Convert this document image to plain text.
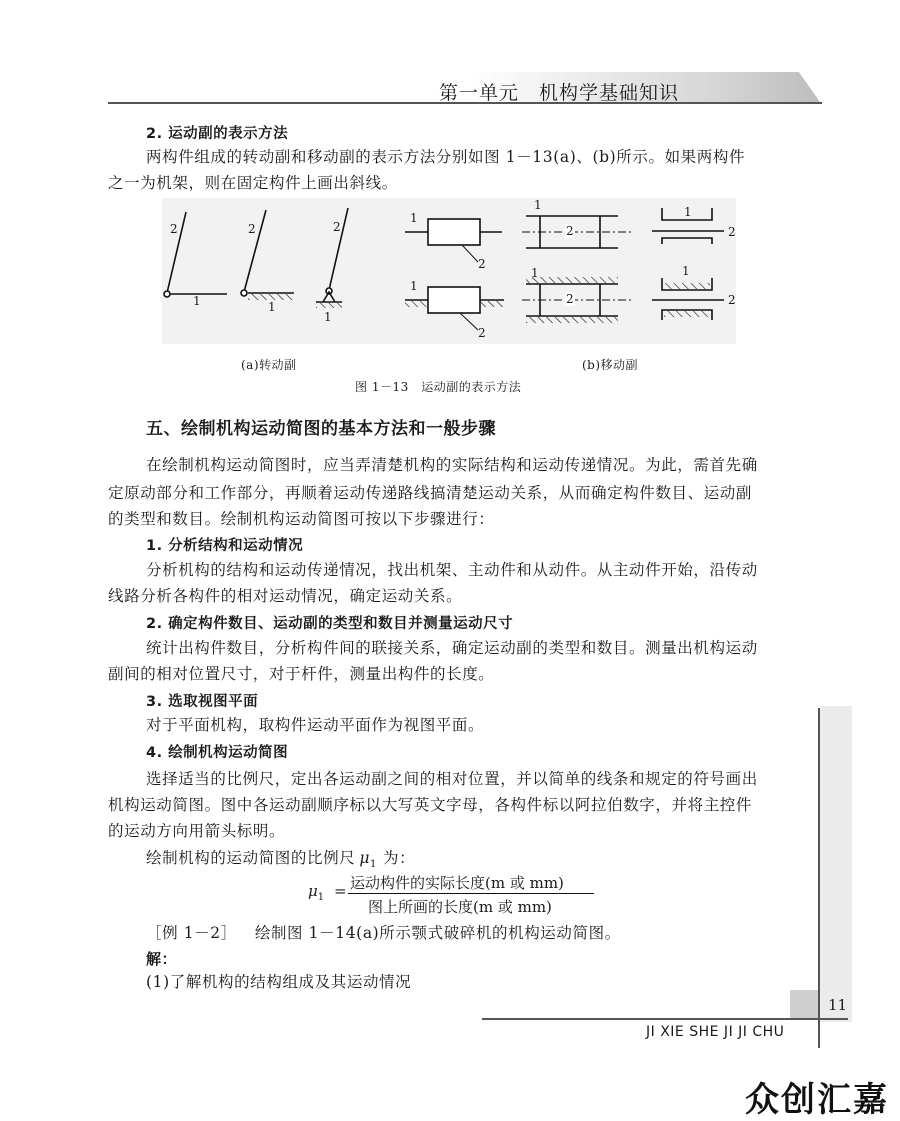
第一单元　机构学基础知识
2. 运动副的表示方法
两构件组成的转动副和移动副的表示方法分别如图 1－13(a)、(b)所示。如果两构件
之一为机架，则在固定构件上画出斜线。
2
1
2
1
2
1
1
2
1
2
1
2
1
2
1
2
1
2
(a)转动副	(b)移动副
图 1－13　运动副的表示方法
五、绘制机构运动简图的基本方法和一般步骤
在绘制机构运动简图时，应当弄清楚机构的实际结构和运动传递情况。为此，需首先确
定原动部分和工作部分，再顺着运动传递路线搞清楚运动关系，从而确定构件数目、运动副
的类型和数目。绘制机构运动简图可按以下步骤进行：
1. 分析结构和运动情况
分析机构的结构和运动传递情况，找出机架、主动件和从动件。从主动件开始，沿传动
线路分析各构件的相对运动情况，确定运动关系。
2. 确定构件数目、运动副的类型和数目并测量运动尺寸
统计出构件数目，分析构件间的联接关系，确定运动副的类型和数目。测量出机构运动
副间的相对位置尺寸，对于杆件，测量出构件的长度。
3. 选取视图平面
对于平面机构，取构件运动平面作为视图平面。
4. 绘制机构运动简图
选择适当的比例尺，定出各运动副之间的相对位置，并以简单的线条和规定的符号画出
机构运动简图。图中各运动副顺序标以大写英文字母，各构件标以阿拉伯数字，并将主控件
的运动方向用箭头标明。
绘制机构的运动简图的比例尺 $\mu_1$ 为：
$\mu_1$ = 运动构件的实际长度(m 或 mm)
图上所画的长度(m 或 mm)
［例 1－2］ 绘制图 1－14(a)所示颚式破碎机的机构运动简图。
解：
(1)了解机构的结构组成及其运动情况
11
JI XIE SHE JI JI CHU
众创汇嘉
